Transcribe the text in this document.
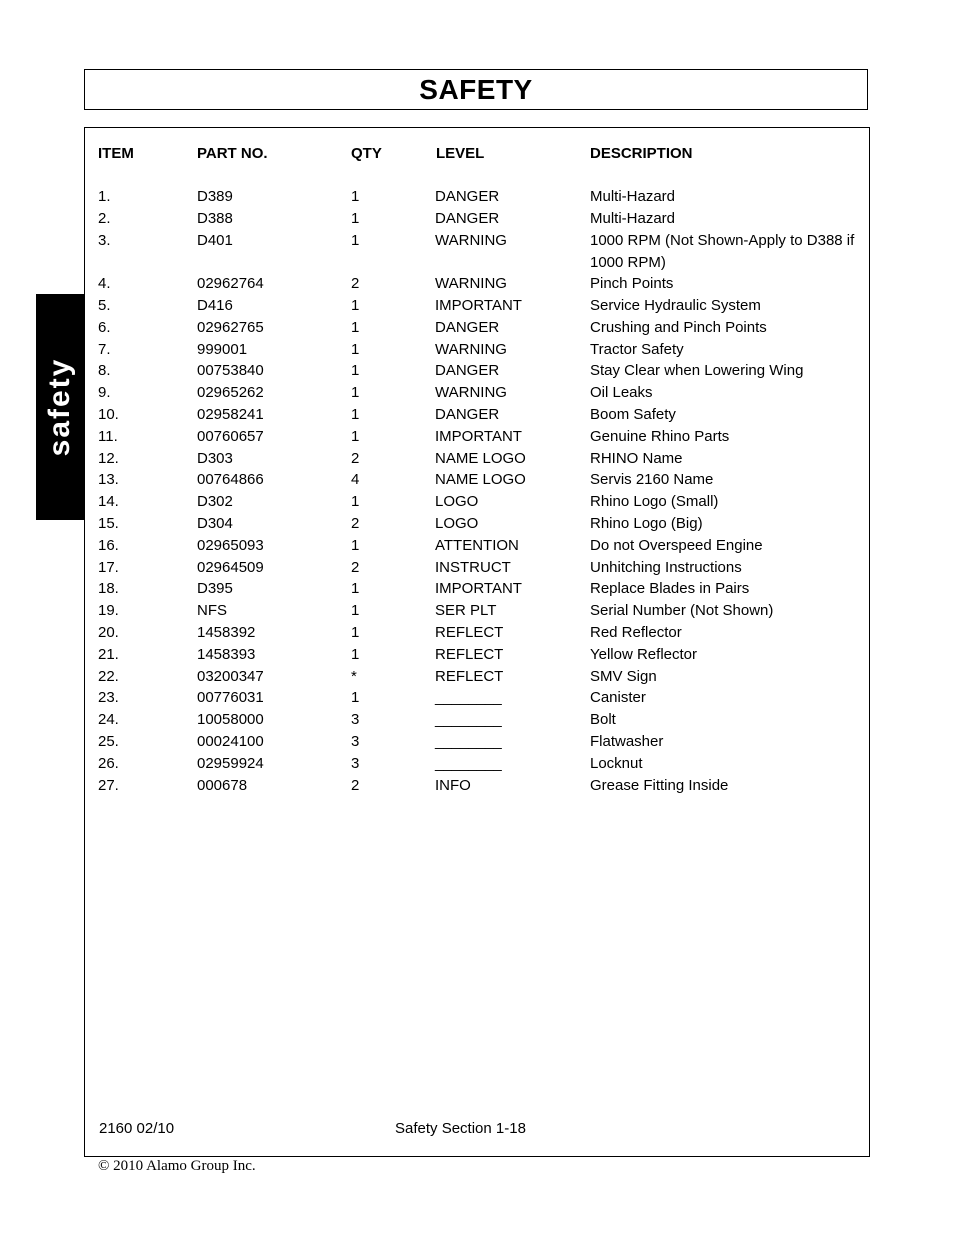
SAFETY
safety
ITEM	PART NO.	QTY	LEVEL	DESCRIPTION
1.	D389	1	DANGER	Multi-Hazard
2.	D388	1	DANGER	Multi-Hazard
3.	D401	1	WARNING	1000 RPM (Not Shown-Apply to D388 if 1000 RPM)
4.	02962764	2	WARNING	Pinch Points
5.	D416	1	IMPORTANT	Service Hydraulic System
6.	02962765	1	DANGER	Crushing and Pinch Points
7.	999001	1	WARNING	Tractor Safety
8.	00753840	1	DANGER	Stay Clear when Lowering Wing
9.	02965262	1	WARNING	Oil Leaks
10.	02958241	1	DANGER	Boom Safety
11.	00760657	1	IMPORTANT	Genuine Rhino Parts
12.	D303	2	NAME LOGO	RHINO Name
13.	00764866	4	NAME LOGO	Servis 2160 Name
14.	D302	1	LOGO	Rhino Logo (Small)
15.	D304	2	LOGO	Rhino Logo (Big)
16.	02965093	1	ATTENTION	Do not Overspeed Engine
17.	02964509	2	INSTRUCT	Unhitching Instructions
18.	D395	1	IMPORTANT	Replace Blades in Pairs
19.	NFS	1	SER PLT	Serial Number (Not Shown)
20.	1458392	1	REFLECT	Red Reflector
21.	1458393	1	REFLECT	Yellow Reflector
22.	03200347	*	REFLECT	SMV Sign
23.	00776031	1	________	Canister
24.	10058000	3	________	Bolt
25.	00024100	3	________	Flatwasher
26.	02959924	3	________	Locknut
27.	000678	2	INFO	Grease Fitting Inside
2160 02/10	Safety Section 1-18
© 2010 Alamo Group Inc.
